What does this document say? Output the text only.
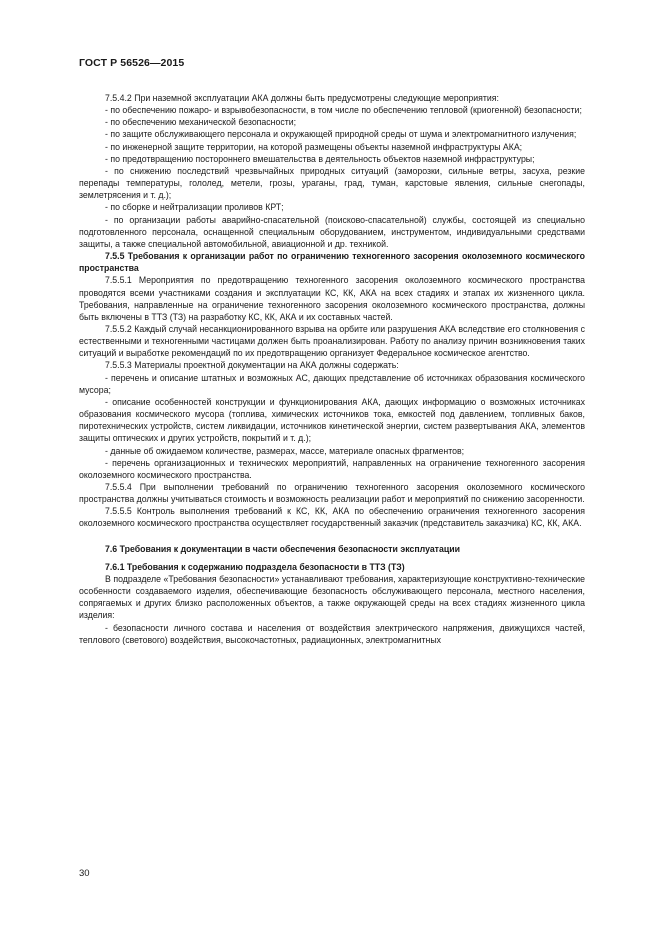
ГОСТ Р 56526—2015

7.5.4.2 При наземной эксплуатации АКА должны быть предусмотрены следующие мероприятия:

- по обеспечению пожаро- и взрывобезопасности, в том числе по обеспечению тепловой (криогенной) безопасности;

- по обеспечению механической безопасности;

- по защите обслуживающего персонала и окружающей природной среды от шума и электромагнитного излучения;

- по инженерной защите территории, на которой размещены объекты наземной инфраструктуры АКА;

- по предотвращению постороннего вмешательства в деятельность объектов наземной инфраструктуры;

- по снижению последствий чрезвычайных природных ситуаций (заморозки, сильные ветры, засуха, резкие перепады температуры, гололед, метели, грозы, ураганы, град, туман, карстовые явления, сильные снегопады, землетрясения и т. д.);

- по сборке и нейтрализации проливов КРТ;

- по организации работы аварийно-спасательной (поисково-спасательной) службы, состоящей из специально подготовленного персонала, оснащенной специальным оборудованием, инструментом, индивидуальными средствами защиты, а также специальной автомобильной, авиационной и др. техникой.

7.5.5 Требования к организации работ по ограничению техногенного засорения околоземного космического пространства

7.5.5.1 Мероприятия по предотвращению техногенного засорения околоземного космического пространства проводятся всеми участниками создания и эксплуатации КС, КК, АКА на всех стадиях и этапах их жизненного цикла. Требования, направленные на ограничение техногенного засорения околоземного космического пространства, должны быть включены в ТТЗ (ТЗ) на разработку КС, КК, АКА и их составных частей.

7.5.5.2 Каждый случай несанкционированного взрыва на орбите или разрушения АКА вследствие его столкновения с естественными и техногенными частицами должен быть проанализирован. Работу по анализу причин возникновения таких ситуаций и выработке рекомендаций по их предотвращению организует Федеральное космическое агентство.

7.5.5.3 Материалы проектной документации на АКА должны содержать:

- перечень и описание штатных и возможных АС, дающих представление об источниках образования космического мусора;

- описание особенностей конструкции и функционирования АКА, дающих информацию о возможных источниках образования космического мусора (топлива, химических источников тока, емкостей под давлением, топливных баков, пиротехнических устройств, систем ликвидации, источников кинетической энергии, систем развертывания АКА, элементов защиты оптических и других устройств, покрытий и т. д.);

- данные об ожидаемом количестве, размерах, массе, материале опасных фрагментов;

- перечень организационных и технических мероприятий, направленных на ограничение техногенного засорения околоземного космического пространства.

7.5.5.4 При выполнении требований по ограничению техногенного засорения околоземного космического пространства должны учитываться стоимость и возможность реализации работ и мероприятий по снижению засоренности.

7.5.5.5 Контроль выполнения требований к КС, КК, АКА по обеспечению ограничения техногенного засорения околоземного космического пространства осуществляет государственный заказчик (представитель заказчика) КС, КК, АКА.

7.6 Требования к документации в части обеспечения безопасности эксплуатации

7.6.1 Требования к содержанию подраздела безопасности в ТТЗ (ТЗ)

В подразделе «Требования безопасности» устанавливают требования, характеризующие конструктивно-технические особенности создаваемого изделия, обеспечивающие безопасность обслуживающего персонала, местного населения, сопрягаемых и других близко расположенных объектов, а также окружающей среды на всех стадиях жизненного цикла изделия:

- безопасности личного состава и населения от воздействия электрического напряжения, движущихся частей, теплового (светового) воздействия, высокочастотных, радиационных, электромагнитных

30
